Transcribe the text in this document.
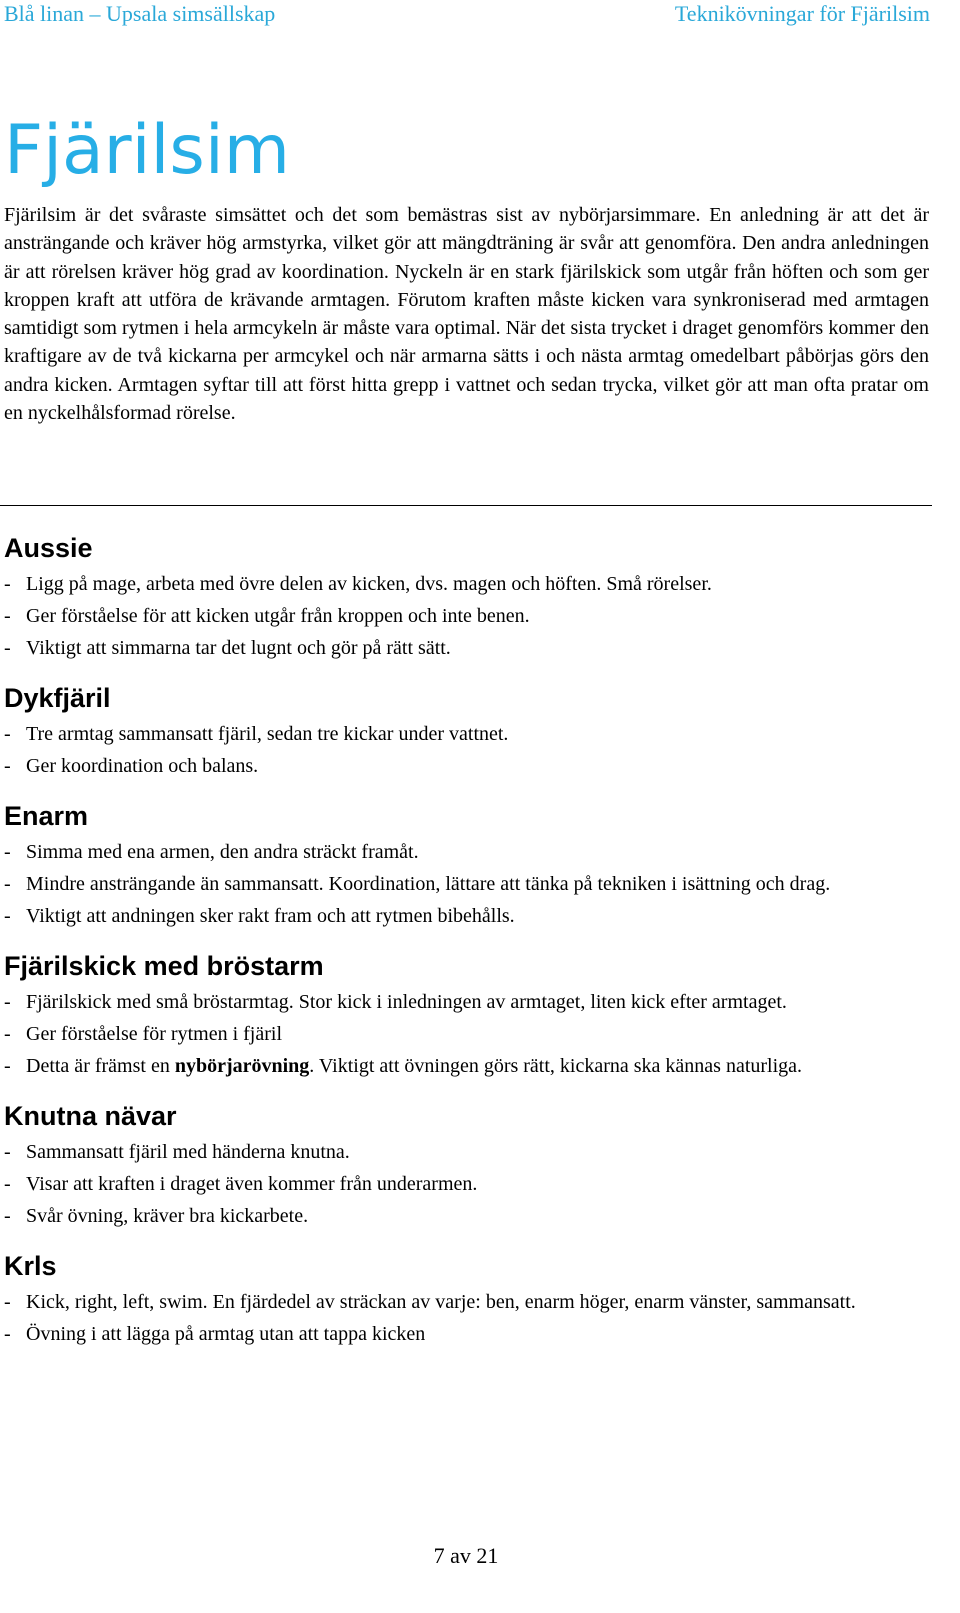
Blå linan – Upsala simsällskap	Teknikövningar för Fjärilsim
Fjärilsim

Fjärilsim är det svåraste simsättet och det som bemästras sist av nybörjarsimmare. En anledning är att det är ansträngande och kräver hög armstyrka, vilket gör att mängdträning är svår att genomföra. Den andra anledningen är att rörelsen kräver hög grad av koordination. Nyckeln är en stark fjärilskick som utgår från höften och som ger kroppen kraft att utföra de krävande armtagen. Förutom kraften måste kicken vara synkroniserad med armtagen samtidigt som rytmen i hela armcykeln är måste vara optimal. När det sista trycket i draget genomförs kommer den kraftigare av de två kickarna per armcykel och när armarna sätts i och nästa armtag omedelbart påbörjas görs den andra kicken. Armtagen syftar till att först hitta grepp i vattnet och sedan trycka, vilket gör att man ofta pratar om en nyckelhålsformad rörelse.

Aussie
- Ligg på mage, arbeta med övre delen av kicken, dvs. magen och höften. Små rörelser.
- Ger förståelse för att kicken utgår från kroppen och inte benen.
- Viktigt att simmarna tar det lugnt och gör på rätt sätt.
Dykfjäril
- Tre armtag sammansatt fjäril, sedan tre kickar under vattnet.
- Ger koordination och balans.
Enarm
- Simma med ena armen, den andra sträckt framåt.
- Mindre ansträngande än sammansatt. Koordination, lättare att tänka på tekniken i isättning och drag.
- Viktigt att andningen sker rakt fram och att rytmen bibehålls.
Fjärilskick med bröstarm
- Fjärilskick med små bröstarmtag. Stor kick i inledningen av armtaget, liten kick efter armtaget.
- Ger förståelse för rytmen i fjäril
- Detta är främst en nybörjarövning. Viktigt att övningen görs rätt, kickarna ska kännas naturliga.
Knutna nävar
- Sammansatt fjäril med händerna knutna.
- Visar att kraften i draget även kommer från underarmen.
- Svår övning, kräver bra kickarbete.
Krls
- Kick, right, left, swim. En fjärdedel av sträckan av varje: ben, enarm höger, enarm vänster, sammansatt.
- Övning i att lägga på armtag utan att tappa kicken
7 av 21
